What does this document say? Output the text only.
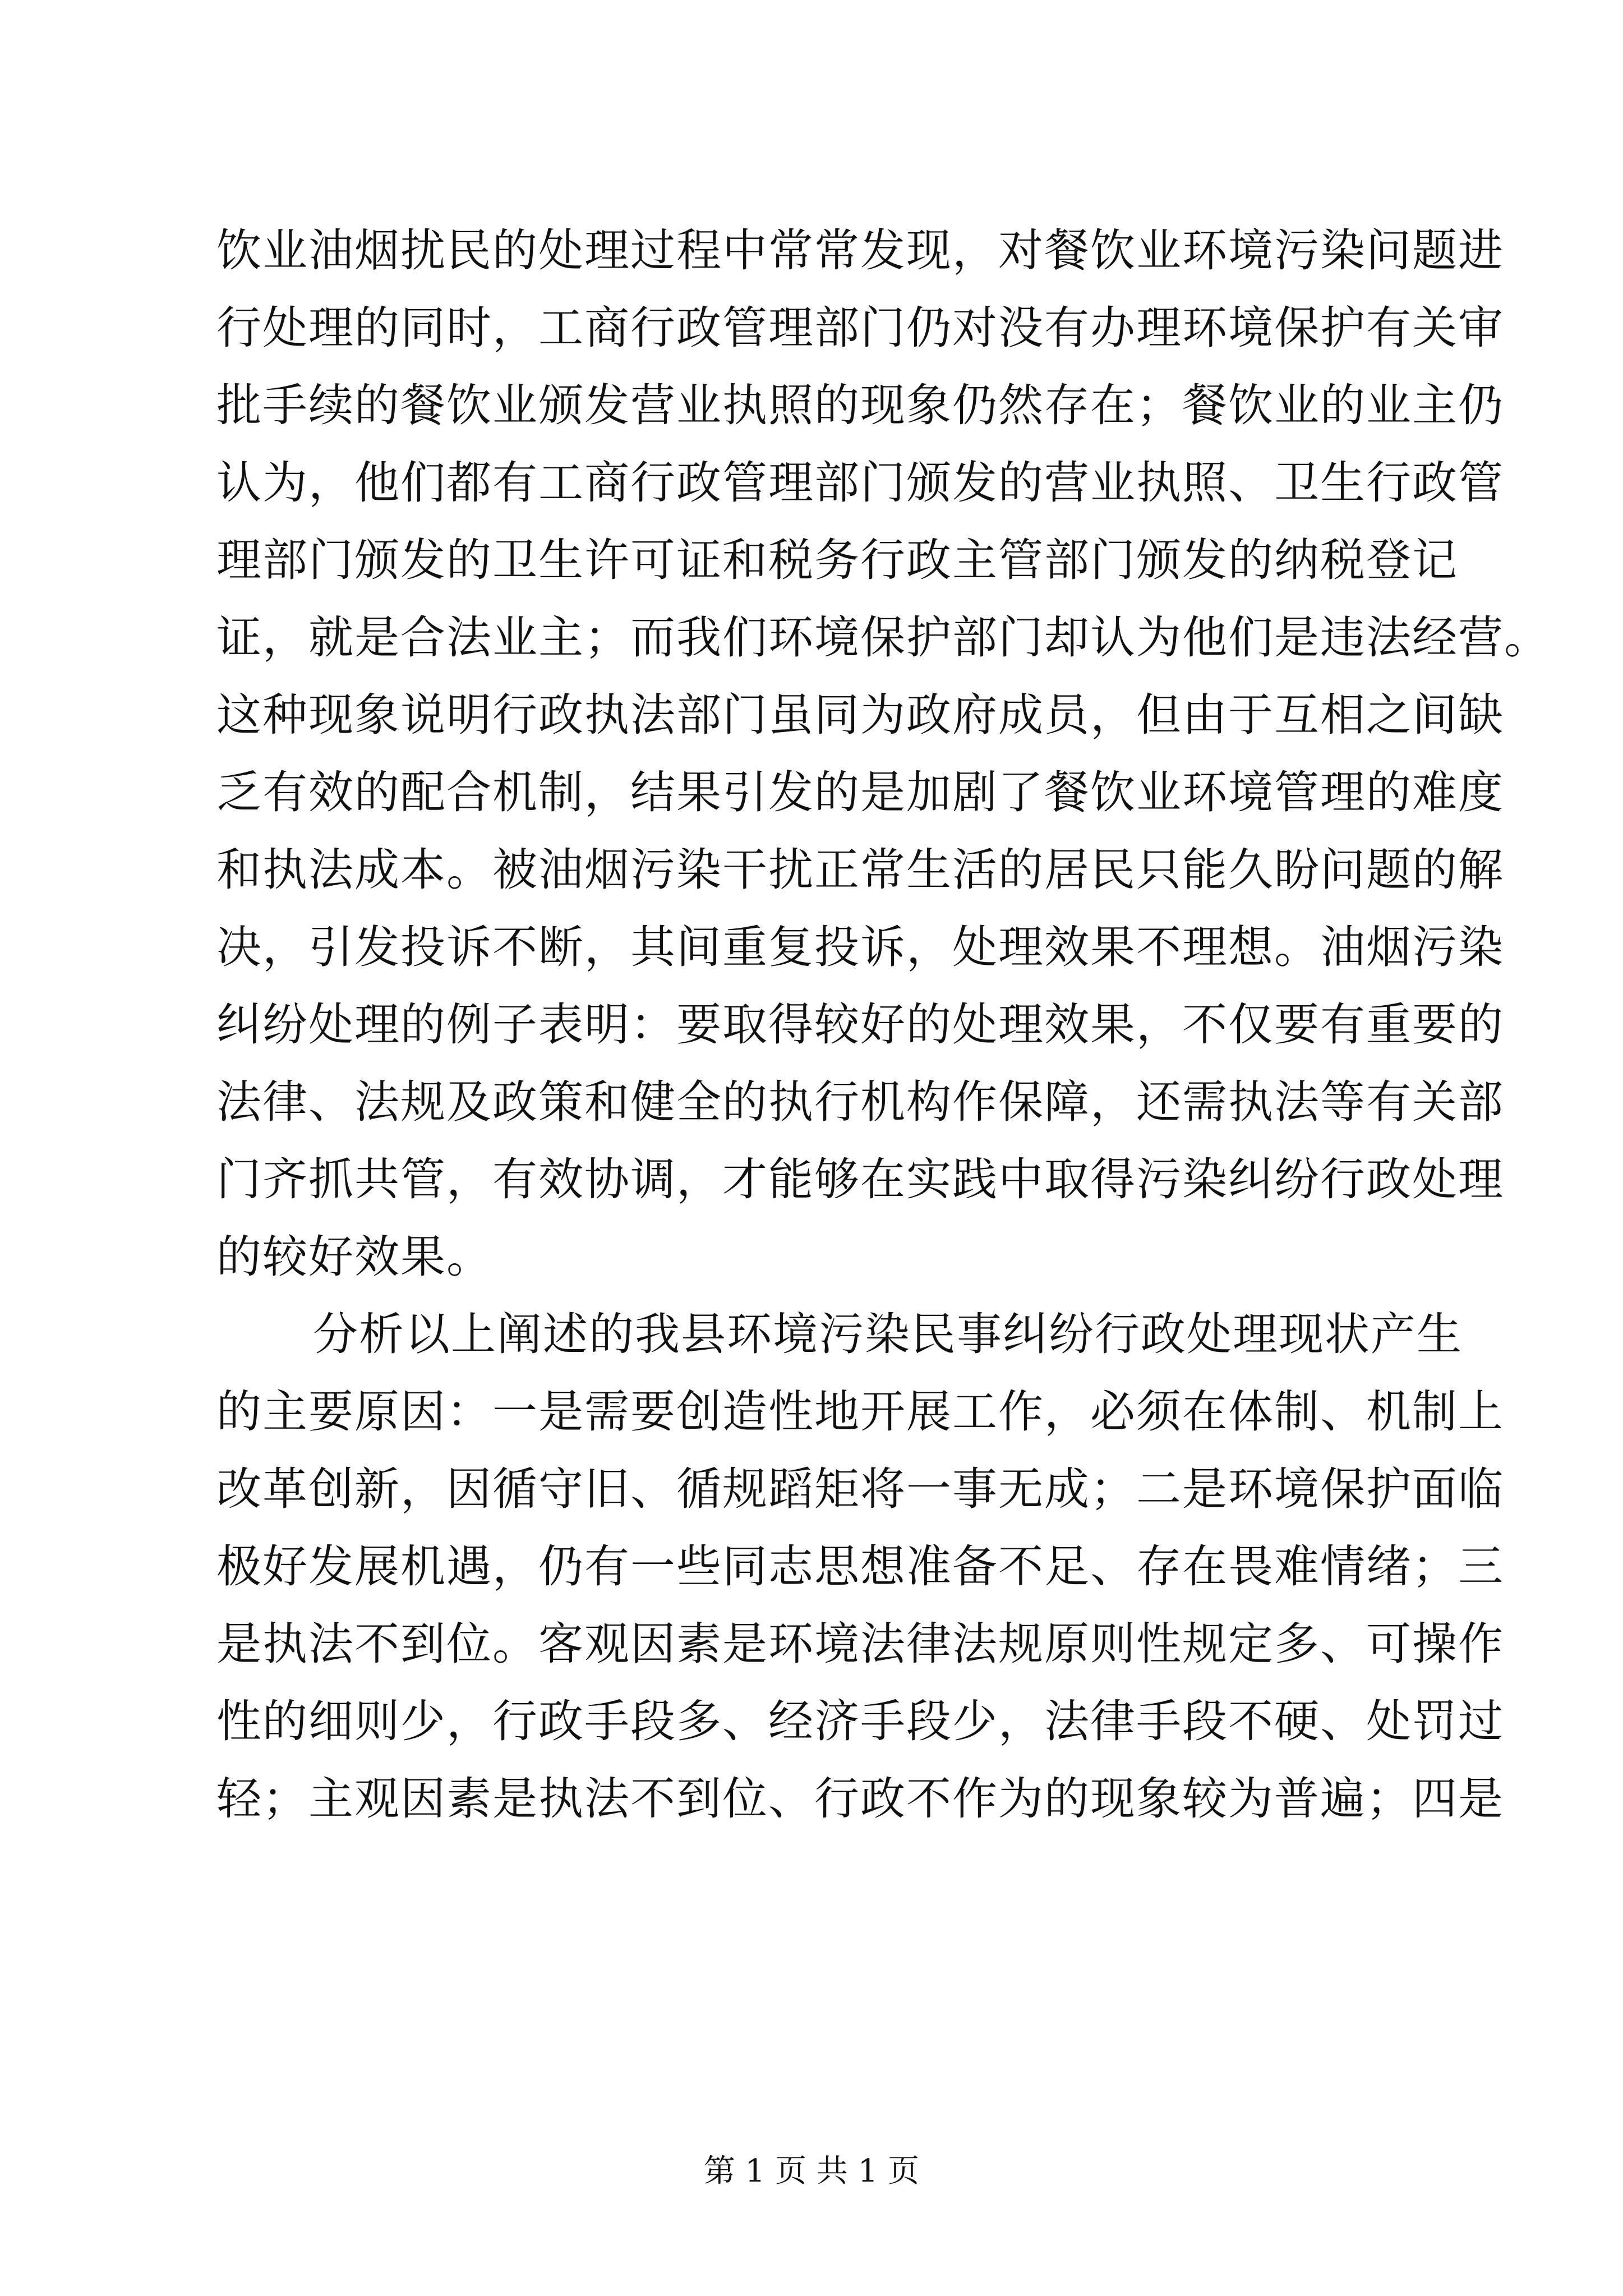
饮业油烟扰民的处理过程中常常发现，对餐饮业环境污染问题进
行处理的同时，工商行政管理部门仍对没有办理环境保护有关审
批手续的餐饮业颁发营业执照的现象仍然存在；餐饮业的业主仍
认为，他们都有工商行政管理部门颁发的营业执照、卫生行政管
理部门颁发的卫生许可证和税务行政主管部门颁发的纳税登记
证，就是合法业主；而我们环境保护部门却认为他们是违法经营。
这种现象说明行政执法部门虽同为政府成员，但由于互相之间缺
乏有效的配合机制，结果引发的是加剧了餐饮业环境管理的难度
和执法成本。被油烟污染干扰正常生活的居民只能久盼问题的解
决，引发投诉不断，其间重复投诉，处理效果不理想。油烟污染
纠纷处理的例子表明：要取得较好的处理效果，不仅要有重要的
法律、法规及政策和健全的执行机构作保障，还需执法等有关部
门齐抓共管，有效协调，才能够在实践中取得污染纠纷行政处理
的较好效果。
分析以上阐述的我县环境污染民事纠纷行政处理现状产生
的主要原因：一是需要创造性地开展工作，必须在体制、机制上
改革创新，因循守旧、循规蹈矩将一事无成；二是环境保护面临
极好发展机遇，仍有一些同志思想准备不足、存在畏难情绪；三
是执法不到位。客观因素是环境法律法规原则性规定多、可操作
性的细则少，行政手段多、经济手段少，法律手段不硬、处罚过
轻；主观因素是执法不到位、行政不作为的现象较为普遍；四是
第 1 页 共 1 页
